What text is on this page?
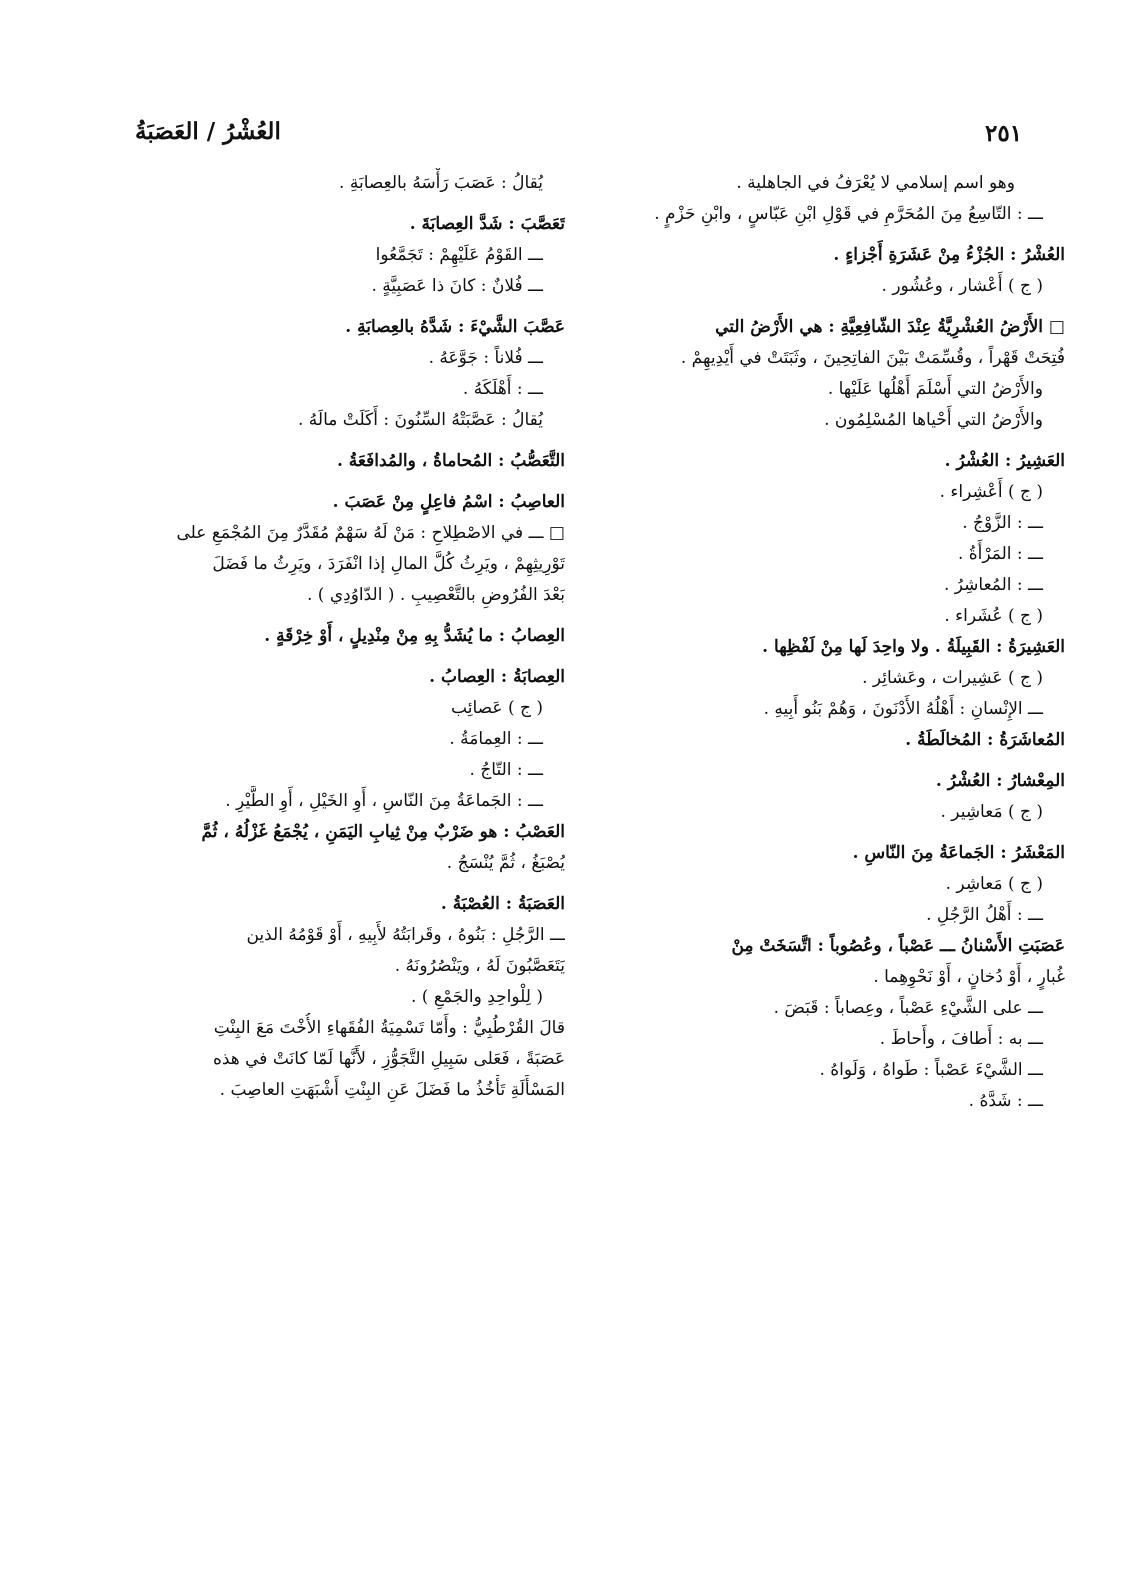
٢٥١
العُشْرُ / العَصَبَةُ
وهو اسم إسلامي لا يُعْرَفُ في الجاهلية .
ـــ : التّاسِعُ مِنَ المُحَرَّمِ في قَوْلِ ابْنِ عَبّاسٍ ، وابْنِ حَزْمٍ .
العُشْرُ : الجُزْءُ مِنْ عَشَرَةِ أَجْزاءٍ .
( ج ) أَعْشار ، وعُشُور .
□ الأَرْضُ العُشْرِيَّةُ عِنْدَ الشّافِعِيَّةِ : هي الأَرْضُ التي
فُتِحَتْ قَهْراً ، وقُسِّمَتْ بَيْنَ الفاتِحِينَ ، وثَبَتَتْ في أَيْدِيهِمْ .
والأَرْضُ التي أَسْلَمَ أَهْلُها عَلَيْها .
والأَرْضُ التي أَحْياها المُسْلِمُون .
العَشِيرُ : العُشْرُ .
( ج ) أَعْشِراء .
ـــ : الزَّوْجُ .
ـــ : المَرْأَةُ .
ـــ : المُعاشِرُ .
( ج ) عُشَراء .
العَشِيرَةُ : القَبِيلَةُ . ولا واحِدَ لَها مِنْ لَفْظِها .
( ج ) عَشِيرات ، وعَشائِر .
ـــ الإِنْسانِ : أَهْلُهُ الأَدْنَونَ ، وَهُمْ بَنُو أَبِيهِ .
المُعاشَرَةُ : المُخالَطَةُ .
المِعْشارُ : العُشْرُ .
( ج ) مَعاشِير .
المَعْشَرُ : الجَماعَةُ مِنَ النّاسِ .
( ج ) مَعاشِر .
ـــ : أَهْلُ الرَّجُلِ .
عَصَبَتِ الأَسْنانُ ـــ عَصْباً ، وعُصُوباً : اتَّسَخَتْ مِنْ
غُبارٍ ، أَوْ دُخانٍ ، أَوْ نَحْوِهِما .
ـــ على الشَّيْءِ عَصْباً ، وعِصاباً : قَبَضَ .
ـــ به : أَطافَ ، وأَحاطَ .
ـــ الشَّيْءَ عَصْباً : طَواهُ ، وَلَواهُ .
ـــ : شَدَّهُ .
يُقالُ : عَصَبَ رَأْسَهُ بالعِصابَةِ .
تَعَصَّبَ : شَدَّ العِصابَةَ .
ـــ القَوْمُ عَلَيْهِمْ : تَجَمَّعُوا
ـــ فُلانٌ : كانَ ذا عَصَبِيَّةٍ .
عَصَّبَ الشَّيْءَ : شَدَّهُ بالعِصابَةِ .
ـــ فُلاناً : جَوَّعَهُ .
ـــ : أَهْلَكَهُ .
يُقالُ : عَصَّبَتْهُ السِّنُونَ : أَكَلَتْ مالَهُ .
التَّعَصُّبُ : المُحاماةُ ، والمُدافَعَةُ .
العاصِبُ : اسْمُ فاعِلٍ مِنْ عَصَبَ .
□ ـــ في الاصْطِلاحِ : مَنْ لَهُ سَهْمٌ مُقَدَّرٌ مِنَ المُجْمَعِ على
تَوْرِيثِهِمْ ، ويَرِثُ كُلَّ المالِ إذا انْفَرَدَ ، ويَرِثُ ما فَضَلَ
بَعْدَ الفُرُوضِ بالتَّعْصِيبِ . ( الدّاوُدِي ) .
العِصابُ : ما يُشَدُّ بِهِ مِنْ مِنْدِيلٍ ، أَوْ خِرْقَةٍ .
العِصابَةُ : العِصابُ .
( ج ) عَصائِب
ـــ : العِمامَةُ .
ـــ : التّاجُ .
ـــ : الجَماعَةُ مِنَ النّاسِ ، أَوِ الخَيْلِ ، أَوِ الطَّيْرِ .
العَصْبُ : هو ضَرْبٌ مِنْ ثِيابِ اليَمَنِ ، يُجْمَعُ غَزْلُهُ ، ثُمَّ
يُصْبَغُ ، ثُمَّ يُنْسَجُ .
العَصَبَةُ : العُصْبَةُ .
ـــ الرَّجُلِ : بَنُوهُ ، وقَرابَتُهُ لأَبِيهِ ، أَوْ قَوْمُهُ الذين
يَتَعَصَّبُونَ لَهُ ، ويَنْصُرُونَهُ .
( لِلْواحِدِ والجَمْعِ ) .
قالَ القُرْطُبِيُّ : وأَمّا تَسْمِيَةُ الفُقَهاءِ الأُخْتَ مَعَ البِنْتِ
عَصَبَةً ، فَعَلى سَبِيلِ التَّجَوُّزِ ، لأَنَّها لَمّا كانَتْ في هذه
المَسْأَلَةِ تَأْخُذُ ما فَضَلَ عَنِ البِنْتِ أَشْبَهَتِ العاصِبَ .
